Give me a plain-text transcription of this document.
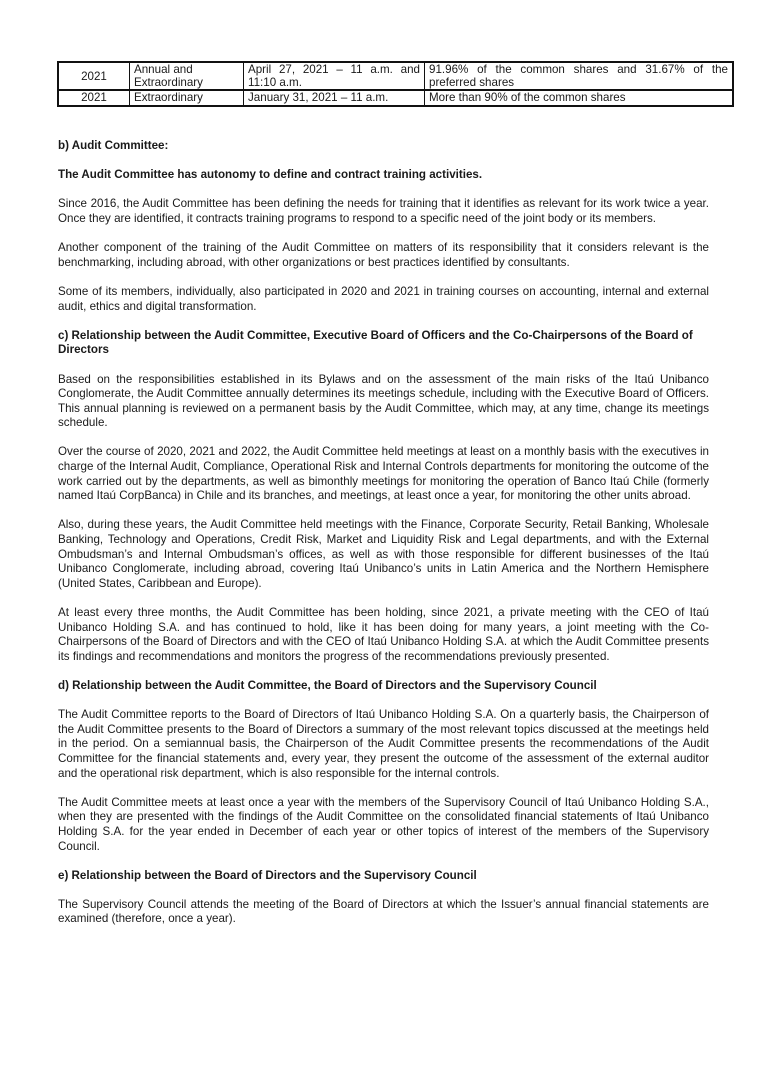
2021	Annual and Extraordinary	April 27, 2021 – 11 a.m. and 11:10 a.m.	91.96% of the common shares and 31.67% of the preferred shares
2021	Extraordinary	January 31, 2021 – 11 a.m.	More than 90% of the common shares
b) Audit Committee:
The Audit Committee has autonomy to define and contract training activities.

Since 2016, the Audit Committee has been defining the needs for training that it identifies as relevant for its work twice a year. Once they are identified, it contracts training programs to respond to a specific need of the joint body or its members.

Another component of the training of the Audit Committee on matters of its responsibility that it considers relevant is the benchmarking, including abroad, with other organizations or best practices identified by consultants.

Some of its members, individually, also participated in 2020 and 2021 in training courses on accounting, internal and external audit, ethics and digital transformation.

c) Relationship between the Audit Committee, Executive Board of Officers and the Co-Chairpersons of the Board of Directors

Based on the responsibilities established in its Bylaws and on the assessment of the main risks of the Itaú Unibanco Conglomerate, the Audit Committee annually determines its meetings schedule, including with the Executive Board of Officers. This annual planning is reviewed on a permanent basis by the Audit Committee, which may, at any time, change its meetings schedule.

Over the course of 2020, 2021 and 2022, the Audit Committee held meetings at least on a monthly basis with the executives in charge of the Internal Audit, Compliance, Operational Risk and Internal Controls departments for monitoring the outcome of the work carried out by the departments, as well as bimonthly meetings for monitoring the operation of Banco Itaú Chile (formerly named Itaú CorpBanca) in Chile and its branches, and meetings, at least once a year, for monitoring the other units abroad.

Also, during these years, the Audit Committee held meetings with the Finance, Corporate Security, Retail Banking, Wholesale Banking, Technology and Operations, Credit Risk, Market and Liquidity Risk and Legal departments, and with the External Ombudsman’s and Internal Ombudsman’s offices, as well as with those responsible for different businesses of the Itaú Unibanco Conglomerate, including abroad, covering Itaú Unibanco’s units in Latin America and the Northern Hemisphere (United States, Caribbean and Europe).

At least every three months, the Audit Committee has been holding, since 2021, a private meeting with the CEO of Itaú Unibanco Holding S.A. and has continued to hold, like it has been doing for many years, a joint meeting with the Co-Chairpersons of the Board of Directors and with the CEO of Itaú Unibanco Holding S.A. at which the Audit Committee presents its findings and recommendations and monitors the progress of the recommendations previously presented.

d) Relationship between the Audit Committee, the Board of Directors and the Supervisory Council

The Audit Committee reports to the Board of Directors of Itaú Unibanco Holding S.A. On a quarterly basis, the Chairperson of the Audit Committee presents to the Board of Directors a summary of the most relevant topics discussed at the meetings held in the period. On a semiannual basis, the Chairperson of the Audit Committee presents the recommendations of the Audit Committee for the financial statements and, every year, they present the outcome of the assessment of the external auditor and the operational risk department, which is also responsible for the internal controls.

The Audit Committee meets at least once a year with the members of the Supervisory Council of Itaú Unibanco Holding S.A., when they are presented with the findings of the Audit Committee on the consolidated financial statements of Itaú Unibanco Holding S.A. for the year ended in December of each year or other topics of interest of the members of the Supervisory Council.

e) Relationship between the Board of Directors and the Supervisory Council

The Supervisory Council attends the meeting of the Board of Directors at which the Issuer’s annual financial statements are examined (therefore, once a year).
